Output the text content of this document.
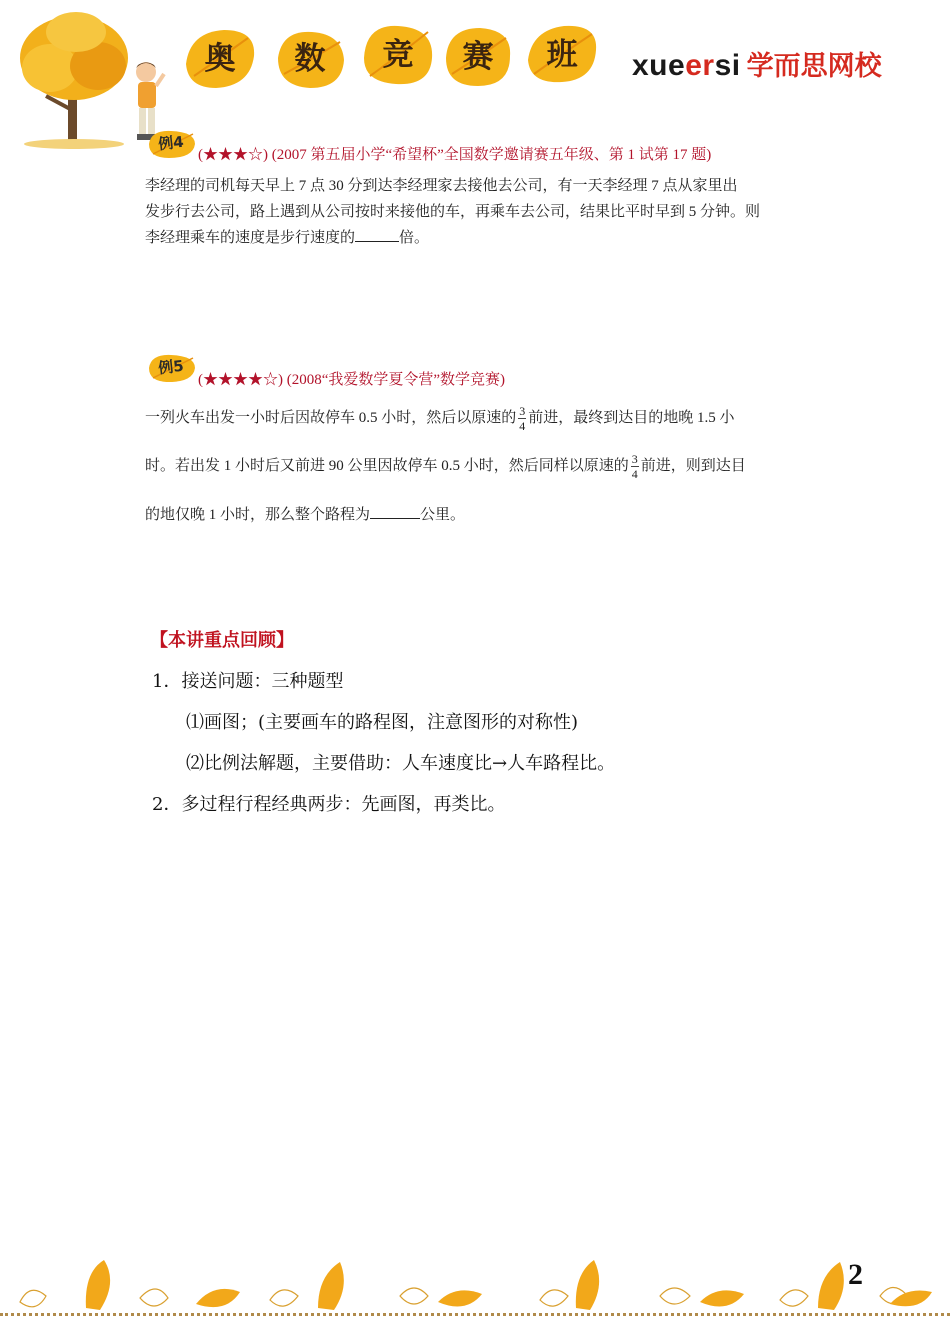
奥	数	竞	赛	班	xueersi 学而思网校
例4
(★★★☆) (2007 第五届小学“希望杯”全国数学邀请赛五年级、第 1 试第 17 题)
李经理的司机每天早上 7 点 30 分到达李经理家去接他去公司，有一天李经理 7 点从家里出
发步行去公司，路上遇到从公司按时来接他的车，再乘车去公司，结果比平时早到 5 分钟。则
李经理乘车的速度是步行速度的	倍。
例5
(★★★★☆) (2008“我爱数学夏令营”数学竞赛)
一列火车出发一小时后因故停车 0.5 小时，然后以原速的 $\frac{3}{4}$ 前进，最终到达目的地晚 1.5 小
时。若出发 1 小时后又前进 90 公里因故停车 0.5 小时，然后同样以原速的 $\frac{3}{4}$ 前进，则到达目
的地仅晚 1 小时，那么整个路程为	公里。
【本讲重点回顾】
1．接送问题：三种题型
⑴画图；(主要画车的路程图，注意图形的对称性)
⑵比例法解题，主要借助：人车速度比→人车路程比。
2．多过程行程经典两步：先画图，再类比。
2
